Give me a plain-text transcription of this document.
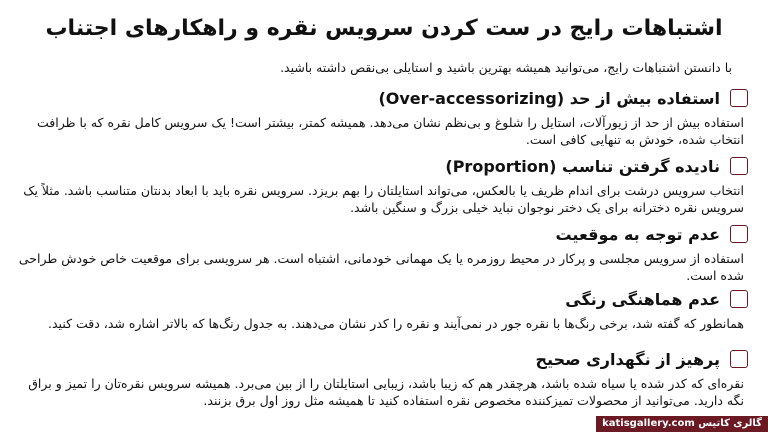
اشتباهات رایج در ست کردن سرویس نقره و راهکارهای اجتناب
با دانستن اشتباهات رایج، می‌توانید همیشه بهترین باشید و استایلی بی‌نقص داشته باشید.
استفاده بیش از حد (Over-accessorizing)
استفاده بیش از حد از زیورآلات، استایل را شلوغ و بی‌نظم نشان می‌دهد. همیشه کمتر، بیشتر است! یک سرویس کامل نقره که با ظرافت انتخاب شده، خودش به تنهایی کافی است.
نادیده گرفتن تناسب (Proportion)
انتخاب سرویس درشت برای اندام ظریف یا بالعکس، می‌تواند استایلتان را بهم بریزد. سرویس نقره باید با ابعاد بدنتان متناسب باشد. مثلاً یک سرویس نقره دخترانه برای یک دختر نوجوان نباید خیلی بزرگ و سنگین باشد.
عدم توجه به موقعیت
استفاده از سرویس مجلسی و پرکار در محیط روزمره یا یک مهمانی خودمانی، اشتباه است. هر سرویسی برای موقعیت خاص خودش طراحی شده است.
عدم هماهنگی رنگی
همانطور که گفته شد، برخی رنگ‌ها با نقره جور در نمی‌آیند و نقره را کدر نشان می‌دهند. به جدول رنگ‌ها که بالاتر اشاره شد، دقت کنید.
پرهیز از نگهداری صحیح
نقره‌ای که کدر شده یا سیاه شده باشد، هرچقدر هم که زیبا باشد، زیبایی استایلتان را از بین می‌برد. همیشه سرویس نقره‌تان را تمیز و براق نگه دارید. می‌توانید از محصولات تمیزکننده مخصوص نقره استفاده کنید تا همیشه مثل روز اول برق بزنند.
گالری کاتیس katisgallery.com
